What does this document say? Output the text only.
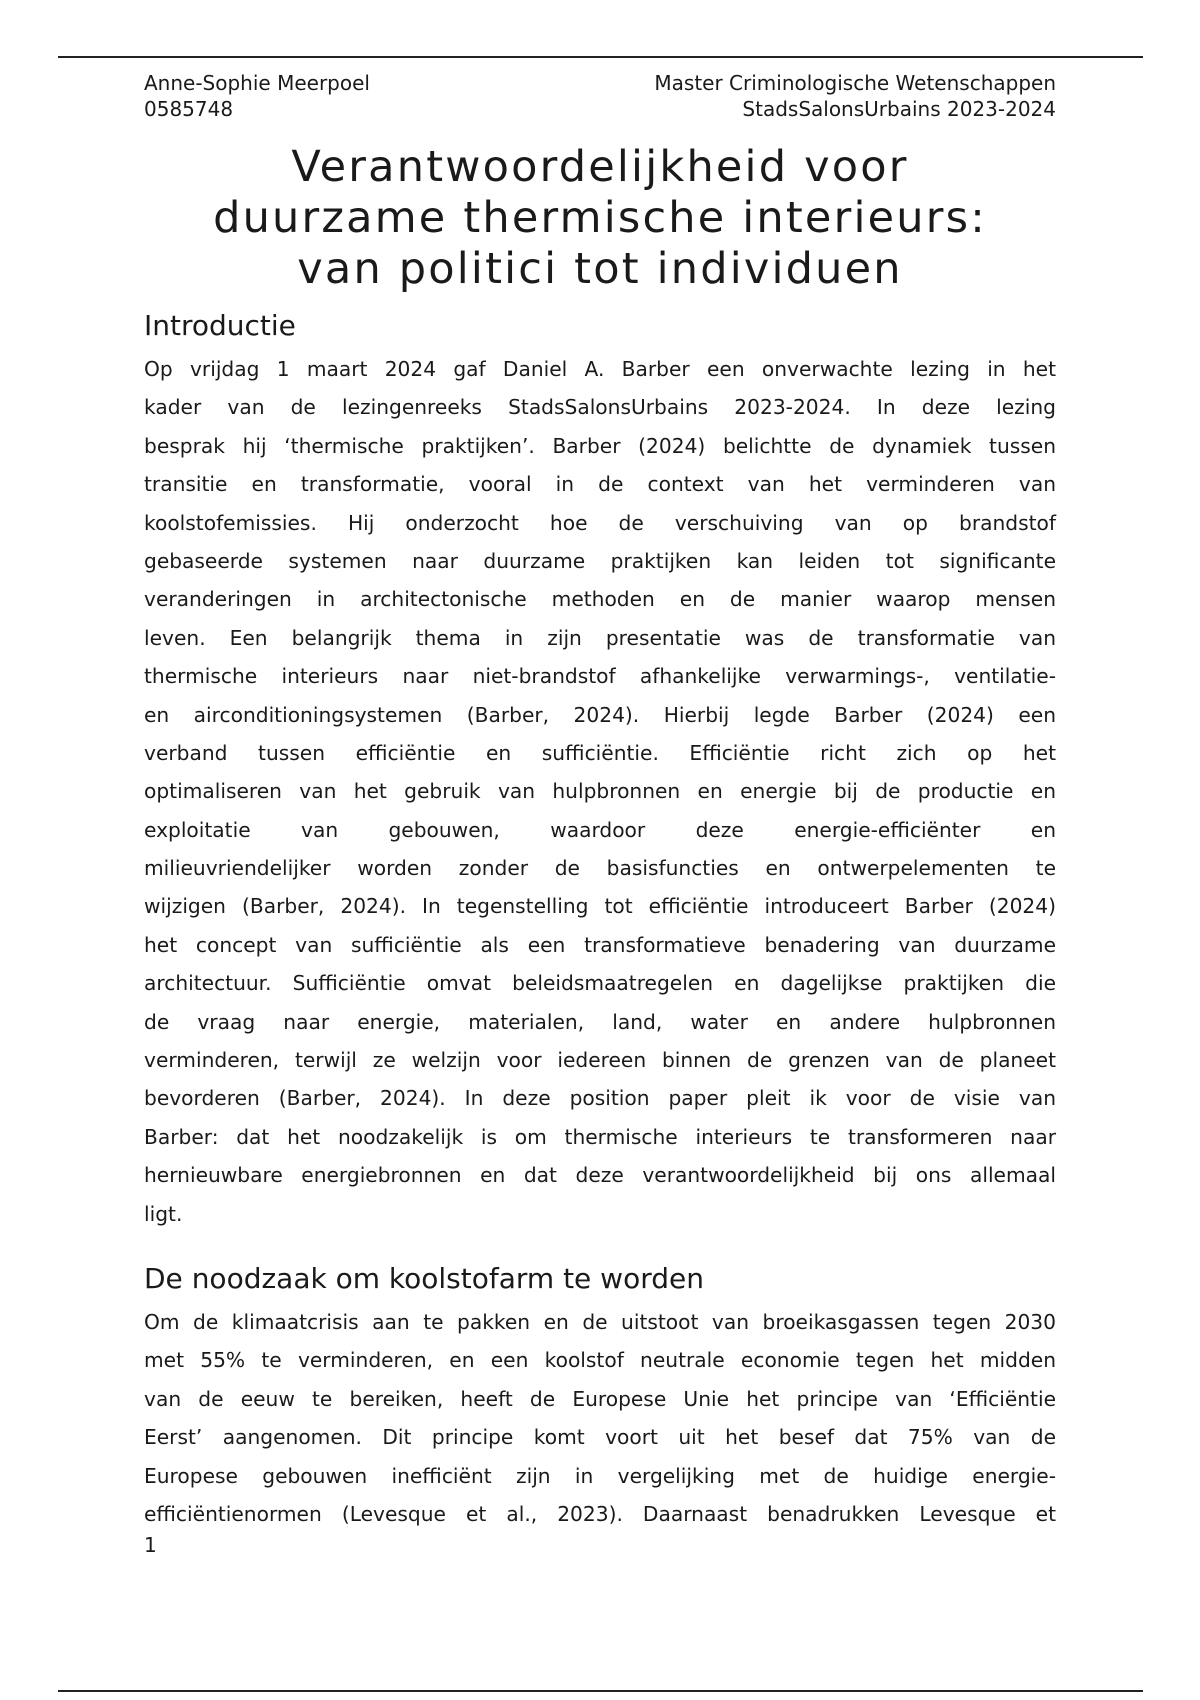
Anne-Sophie Meerpoel
0585748
Master Criminologische Wetenschappen
StadsSalonsUrbains 2023-2024
Verantwoordelijkheid voor
duurzame thermische interieurs:
van politici tot individuen
Introductie
Op vrijdag 1 maart 2024 gaf Daniel A. Barber een onverwachte lezing in het
kader van de lezingenreeks StadsSalonsUrbains 2023-2024. In deze lezing
besprak hij ‘thermische praktijken’. Barber (2024) belichtte de dynamiek tussen
transitie en transformatie, vooral in de context van het verminderen van
koolstofemissies. Hij onderzocht hoe de verschuiving van op brandstof
gebaseerde systemen naar duurzame praktijken kan leiden tot significante
veranderingen in architectonische methoden en de manier waarop mensen
leven. Een belangrijk thema in zijn presentatie was de transformatie van
thermische interieurs naar niet-brandstof afhankelijke verwarmings-, ventilatie-
en airconditioningsystemen (Barber, 2024). Hierbij legde Barber (2024) een
verband tussen efficiëntie en sufficiëntie. Efficiëntie richt zich op het
optimaliseren van het gebruik van hulpbronnen en energie bij de productie en
exploitatie van gebouwen, waardoor deze energie-efficiënter en
milieuvriendelijker worden zonder de basisfuncties en ontwerpelementen te
wijzigen (Barber, 2024). In tegenstelling tot efficiëntie introduceert Barber (2024)
het concept van sufficiëntie als een transformatieve benadering van duurzame
architectuur. Sufficiëntie omvat beleidsmaatregelen en dagelijkse praktijken die
de vraag naar energie, materialen, land, water en andere hulpbronnen
verminderen, terwijl ze welzijn voor iedereen binnen de grenzen van de planeet
bevorderen (Barber, 2024). In deze position paper pleit ik voor de visie van
Barber: dat het noodzakelijk is om thermische interieurs te transformeren naar
hernieuwbare energiebronnen en dat deze verantwoordelijkheid bij ons allemaal
ligt.
De noodzaak om koolstofarm te worden
Om de klimaatcrisis aan te pakken en de uitstoot van broeikasgassen tegen 2030
met 55% te verminderen, en een koolstof neutrale economie tegen het midden
van de eeuw te bereiken, heeft de Europese Unie het principe van ‘Efficiëntie
Eerst’ aangenomen. Dit principe komt voort uit het besef dat 75% van de
Europese gebouwen inefficiënt zijn in vergelijking met de huidige energie-
efficiëntienormen (Levesque et al., 2023). Daarnaast benadrukken Levesque et
1
